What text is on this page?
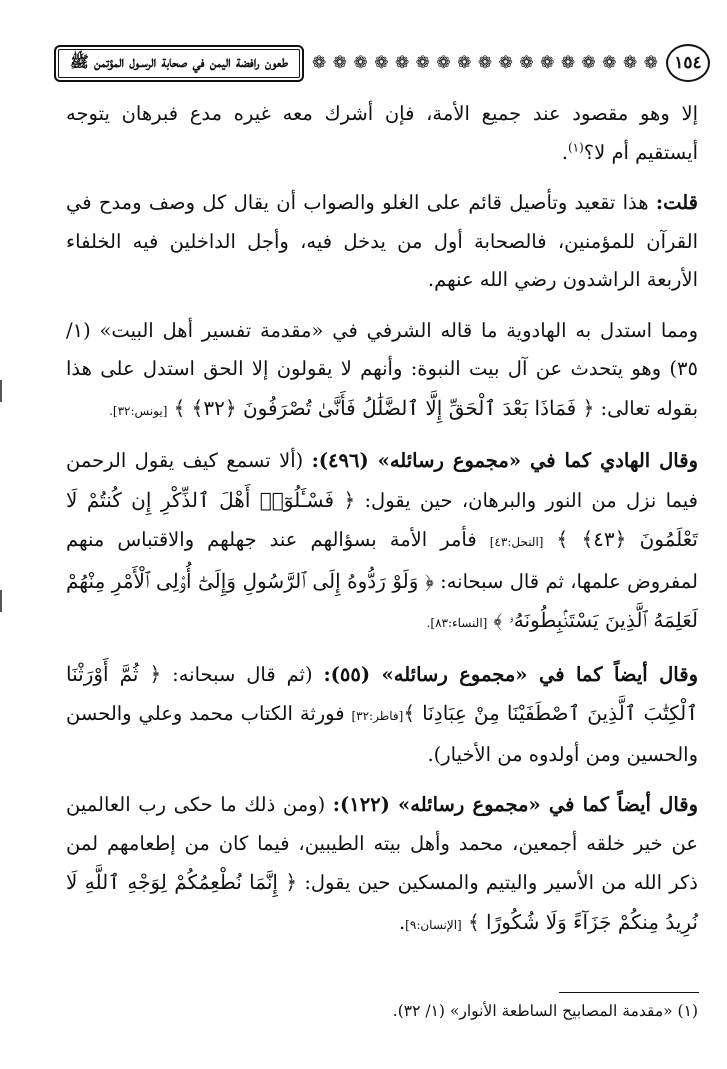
١٥٤
❁
❁
❁
❁
❁
❁
❁
❁
❁
❁
❁
❁
❁
❁
❁
❁
❁
طعون رافضة اليمن في صحابة الرسـول المؤتمن ﷺ

إلا وهو مقصود عند جميع الأمة، فإن أشرك معه غيره مدع فبرهان يتوجه أيستقيم أم لا؟$^{(١)}$.

قلت: هذا تقعيد وتأصيل قائم على الغلو والصواب أن يقال كل وصف ومدح في القرآن للمؤمنين، فالصحابة أول من يدخل فيه، وأجل الداخلين فيه الخلفاء الأربعة الراشدون رضي الله عنهم.

ومما استدل به الهادوية ما قاله الشرفي في «مقدمة تفسير أهل البيت» (١/ ٣٥) وهو يتحدث عن آل بيت النبوة: وأنهم لا يقولون إلا الحق استدل على هذا بقوله تعالى: ﴿ فَمَاذَا بَعْدَ ٱلْحَقِّ إِلَّا ٱلضَّلَٰلُ فَأَنَّىٰ تُصْرَفُونَ ﴿٣٢﴾ ﴾ [يونس:٣٢].

وقال الهادي كما في «مجموع رسائله» (٤٩٦): (ألا تسمع كيف يقول الرحمن فيما نزل من النور والبرهان، حين يقول: ﴿ فَسْـَٔلُوٓا۟ أَهْلَ ٱلذِّكْرِ إِن كُنتُمْ لَا تَعْلَمُونَ ﴿٤٣﴾ ﴾ [النحل:٤٣] فأمر الأمة بسؤالهم عند جهلهم والاقتباس منهم لمفروض علمها، ثم قال سبحانه: ﴿ وَلَوْ رَدُّوهُ إِلَى ٱلرَّسُولِ وَإِلَىٰٓ أُو۟لِى ٱلْأَمْرِ مِنْهُمْ لَعَلِمَهُ ٱلَّذِينَ يَسْتَنۢبِطُونَهُۥ ﴾ [النساء:٨٣].

وقال أيضاً كما في «مجموع رسائله» (٥٥): (ثم قال سبحانه: ﴿ ثُمَّ أَوْرَثْنَا ٱلْكِتَٰبَ ٱلَّذِينَ ٱصْطَفَيْنَا مِنْ عِبَادِنَا ﴾[فاطر:٣٢] فورثة الكتاب محمد وعلي والحسن والحسين ومن أولدوه من الأخيار).

وقال أيضاً كما في «مجموع رسائله» (١٢٢): (ومن ذلك ما حكى رب العالمين عن خير خلقه أجمعين، محمد وأهل بيته الطيبين، فيما كان من إطعامهم لمن ذكر الله من الأسير واليتيم والمسكين حين يقول: ﴿ إِنَّمَا نُطْعِمُكُمْ لِوَجْهِ ٱللَّهِ لَا نُرِيدُ مِنكُمْ جَزَآءً وَلَا شُكُورًا ﴾ [الإنسان:٩].

(١) «مقدمة المصابيح الساطعة الأنوار» (١/ ٣٢).
